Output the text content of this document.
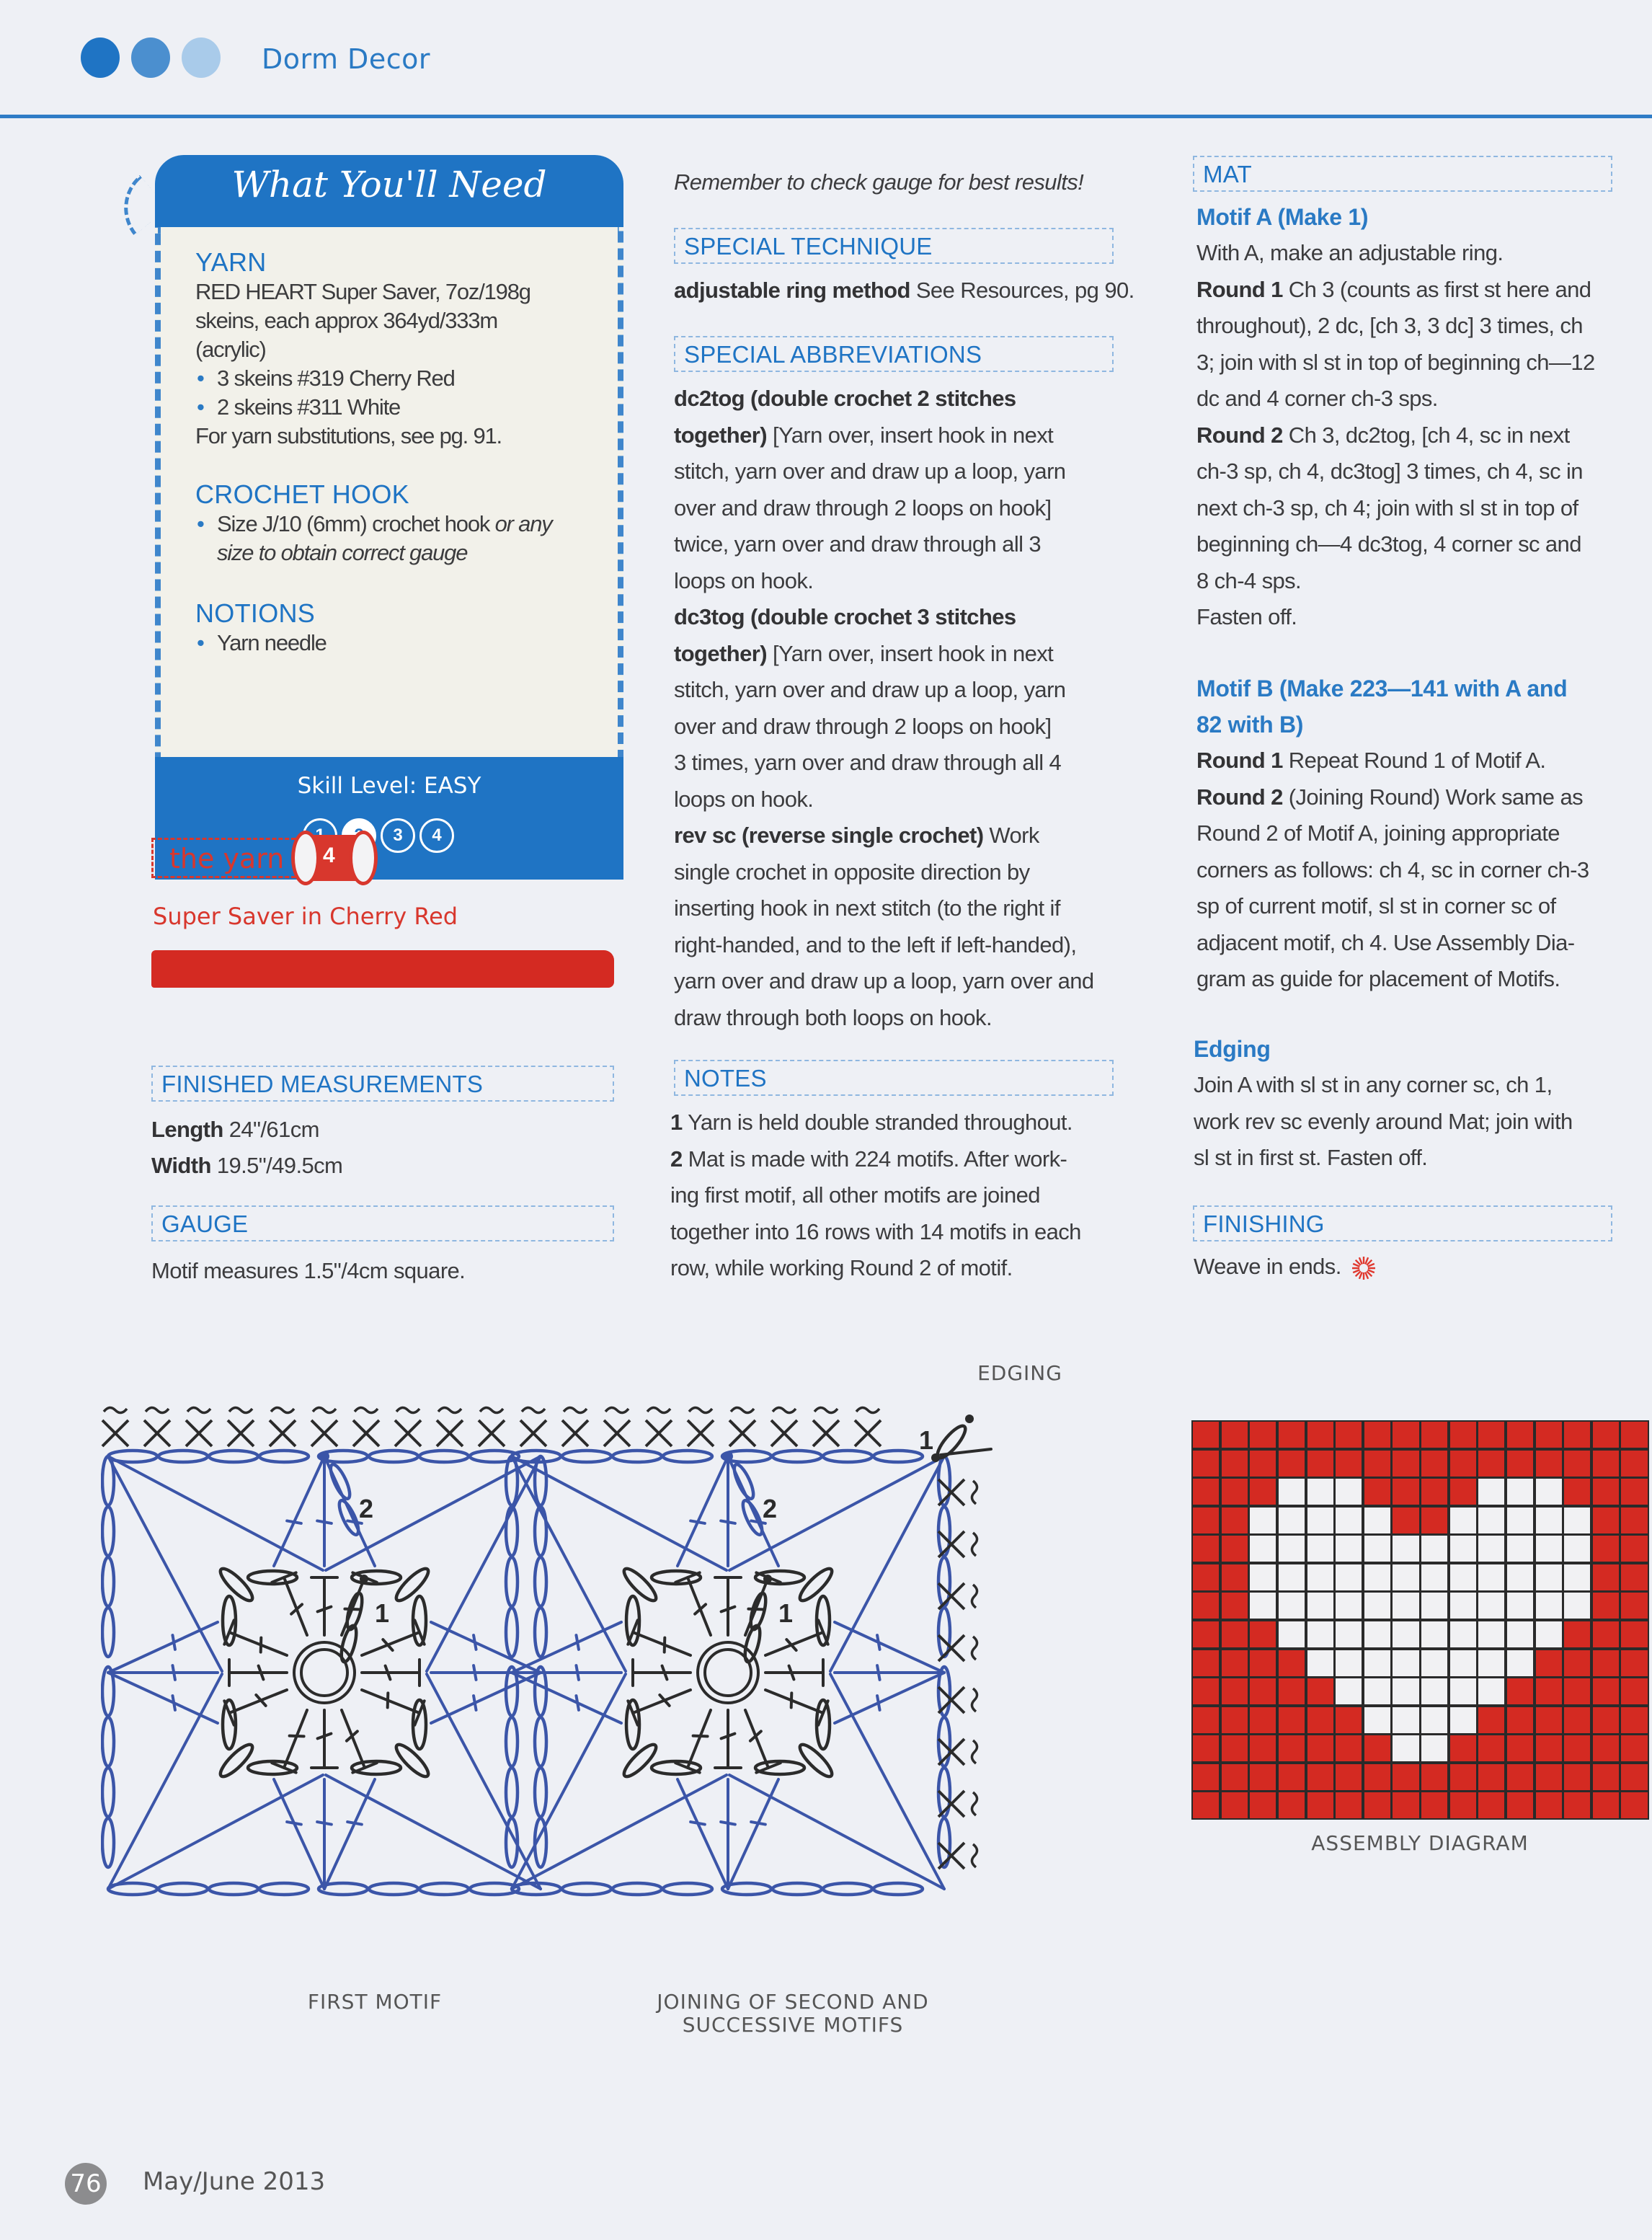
Dorm Decor
What You'll Need
YARN
RED HEART Super Saver, 7oz/198g
skeins, each approx 364yd/333m
(acrylic)
• 3 skeins #319 Cherry Red
• 2 skeins #311 White
For yarn substitutions, see pg. 91.
CROCHET HOOK
• Size J/10 (6mm) crochet hook or any
size to obtain correct gauge
NOTIONS
• Yarn needle
Skill Level: EASY
3	4
the yarn 4
Super Saver in Cherry Red
FINISHED MEASUREMENTS
Length 24"/61cm
Width 19.5"/49.5cm
GAUGE
Motif measures 1.5"/4cm square.
Remember to check gauge for best results!
SPECIAL TECHNIQUE
adjustable ring method See Resources, pg 90.
SPECIAL ABBREVIATIONS
dc2tog (double crochet 2 stitches
together) [Yarn over, insert hook in next
stitch, yarn over and draw up a loop, yarn
over and draw through 2 loops on hook]
twice, yarn over and draw through all 3
loops on hook.
dc3tog (double crochet 3 stitches
together) [Yarn over, insert hook in next
stitch, yarn over and draw up a loop, yarn
over and draw through 2 loops on hook]
3 times, yarn over and draw through all 4
loops on hook.
rev sc (reverse single crochet) Work
single crochet in opposite direction by
inserting hook in next stitch (to the right if
right-handed, and to the left if left-handed),
yarn over and draw up a loop, yarn over and
draw through both loops on hook.
NOTES
1 Yarn is held double stranded throughout.
2 Mat is made with 224 motifs. After work-
ing first motif, all other motifs are joined
together into 16 rows with 14 motifs in each
row, while working Round 2 of motif.
MAT
Motif A (Make 1)
With A, make an adjustable ring.
Round 1 Ch 3 (counts as first st here and
throughout), 2 dc, [ch 3, 3 dc] 3 times, ch
3; join with sl st in top of beginning ch—12
dc and 4 corner ch-3 sps.
Round 2 Ch 3, dc2tog, [ch 4, sc in next
ch-3 sp, ch 4, dc3tog] 3 times, ch 4, sc in
next ch-3 sp, ch 4; join with sl st in top of
beginning ch—4 dc3tog, 4 corner sc and
8 ch-4 sps.
Fasten off.
Motif B (Make 223—141 with A and
82 with B)
Round 1 Repeat Round 1 of Motif A.
Round 2 (Joining Round) Work same as
Round 2 of Motif A, joining appropriate
corners as follows: ch 4, sc in corner ch-3
sp of current motif, sl st in corner sc of
adjacent motif, ch 4. Use Assembly Dia-
gram as guide for placement of Motifs.
Edging
Join A with sl st in any corner sc, ch 1,
work rev sc evenly around Mat; join with
sl st in first st. Fasten off.
FINISHING
Weave in ends.
EDGING
1
2
1
2
1
FIRST MOTIF	JOINING OF SECOND AND
SUCCESSIVE MOTIFS
ASSEMBLY DIAGRAM
76 May/June 2013
